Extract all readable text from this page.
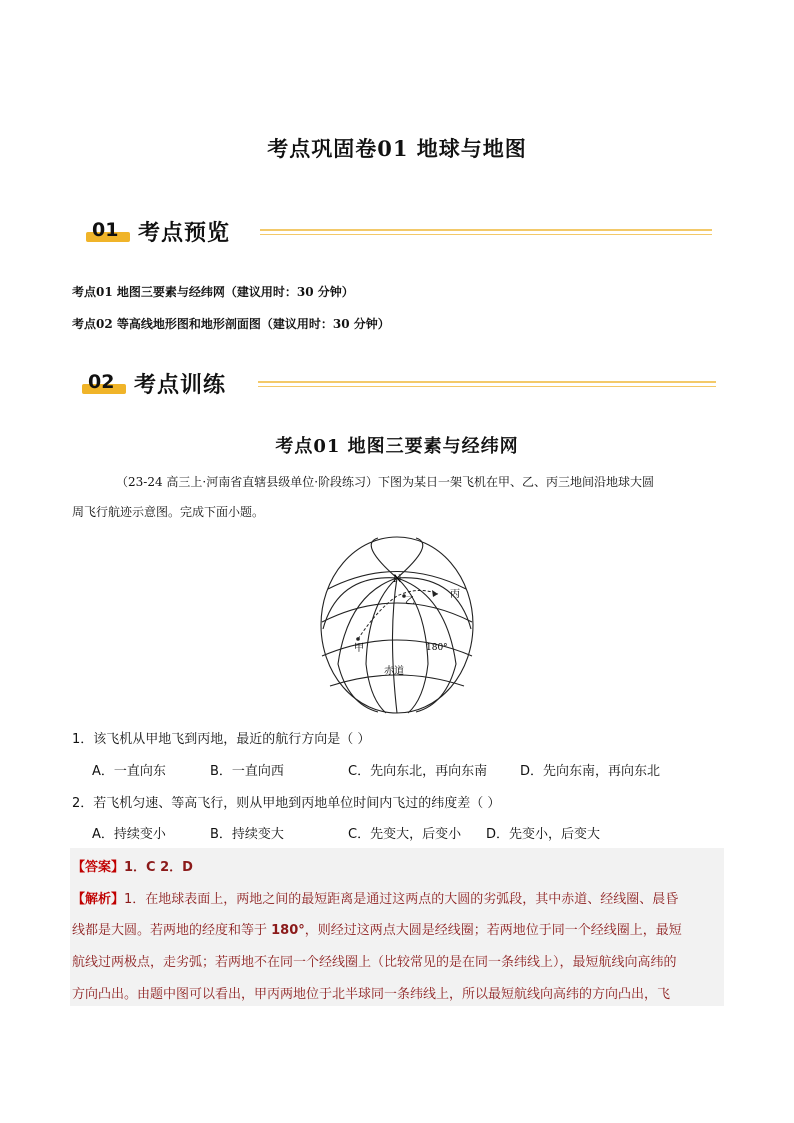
考点巩固卷01 地球与地图
01 考点预览
考点01 地图三要素与经纬网（建议用时：30 分钟）
考点02 等高线地形图和地形剖面图（建议用时：30 分钟）
02 考点训练
考点01 地图三要素与经纬网
（23-24 高三上·河南省直辖县级单位·阶段练习）下图为某日一架飞机在甲、乙、丙三地间沿地球大圆
周飞行航迹示意图。完成下面小题。
N
乙
丙
甲	180°
赤道
1．该飞机从甲地飞到丙地，最近的航行方向是（ ）
A．一直向东	B．一直向西	C．先向东北，再向东南	D．先向东南，再向东北
2．若飞机匀速、等高飞行，则从甲地到丙地单位时间内飞过的纬度差（ ）
A．持续变小	B．持续变大	C．先变大，后变小 D．先变小，后变大
【答案】1．C 2．D
【解析】1．在地球表面上，两地之间的最短距离是通过这两点的大圆的劣弧段，其中赤道、经线圈、晨昏
线都是大圆。若两地的经度和等于 180°，则经过这两点大圆是经线圈；若两地位于同一个经线圈上，最短
航线过两极点，走劣弧；若两地不在同一个经线圈上（比较常见的是在同一条纬线上），最短航线向高纬的
方向凸出。由题中图可以看出，甲丙两地位于北半球同一条纬线上，所以最短航线向高纬的方向凸出，飞
